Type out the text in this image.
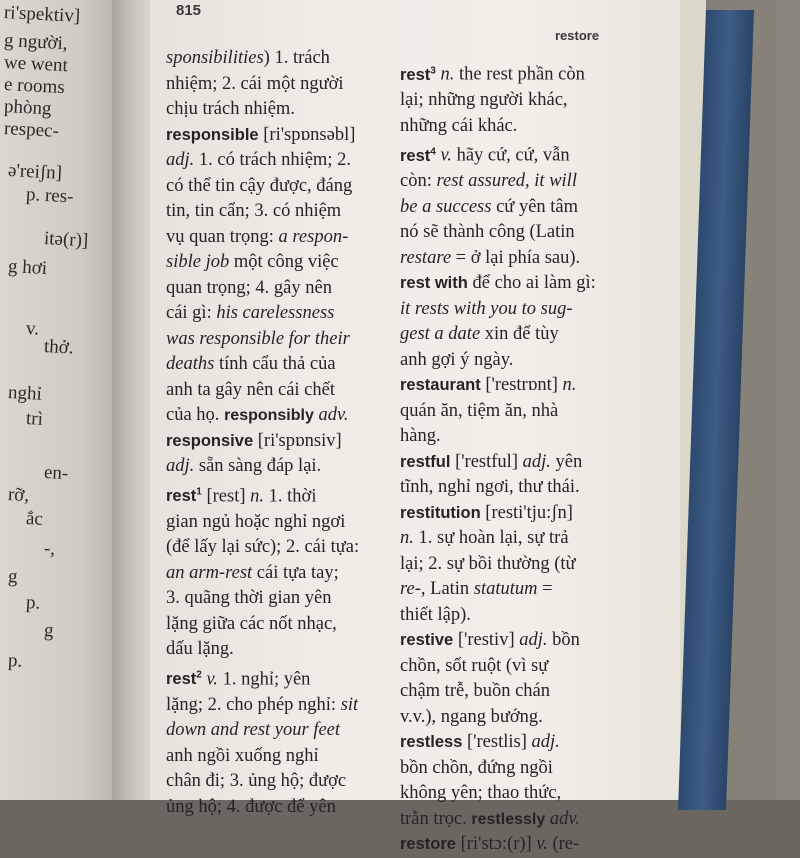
ri'spektiv]
g người,
we went
e rooms
phòng
respec-
ə'reiʃn]
p. res-
itə(r)]
g hơi
v.
thở.
nghỉ
trì
en-
rỡ,
ắc
-,
g
p.
g
p.
815
restore
sponsibilities) 1. trách
nhiệm; 2. cái một người
chịu trách nhiệm.
responsible [ri'spɒnsəbl]
adj. 1. có trách nhiệm; 2.
có thể tin cậy được, đáng
tin, tin cẩn; 3. có nhiệm
vụ quan trọng: a respon-
sible job một công việc
quan trọng; 4. gây nên
cái gì: his carelessness
was responsible for their
deaths tính cẩu thả của
anh ta gây nên cái chết
của họ. responsibly adv.
responsive [ri'spɒnsiv]
adj. sẵn sàng đáp lại.
rest$^1$ [rest] n. 1. thời
gian ngủ hoặc nghỉ ngơi
(để lấy lại sức); 2. cái tựa:
an arm-rest cái tựa tay;
3. quãng thời gian yên
lặng giữa các nốt nhạc,
dấu lặng.
rest$^2$ v. 1. nghỉ; yên
lặng; 2. cho phép nghỉ: sit
down and rest your feet
anh ngồi xuống nghỉ
chân đi; 3. ủng hộ; được
ủng hộ; 4. được để yên
rest$^3$ n. the rest phần còn
lại; những người khác,
những cái khác.
rest$^4$ v. hãy cứ, cứ, vẫn
còn: rest assured, it will
be a success cứ yên tâm
nó sẽ thành công (Latin
restare = ở lại phía sau).
rest with để cho ai làm gì:
it rests with you to sug-
gest a date xin để tùy
anh gợi ý ngày.
restaurant ['restrɒnt] n.
quán ăn, tiệm ăn, nhà
hàng.
restful ['restful] adj. yên
tĩnh, nghỉ ngơi, thư thái.
restitution [resti'tju:ʃn]
n. 1. sự hoàn lại, sự trả
lại; 2. sự bồi thường (từ
re-, Latin statutum =
thiết lập).
restive ['restiv] adj. bồn
chồn, sốt ruột (vì sự
chậm trễ, buồn chán
v.v.), ngang bướng.
restless ['restlis] adj.
bồn chồn, đứng ngồi
không yên; thao thức,
trằn trọc. restlessly adv.
restore [ri'stɔ:(r)] v. (re-
